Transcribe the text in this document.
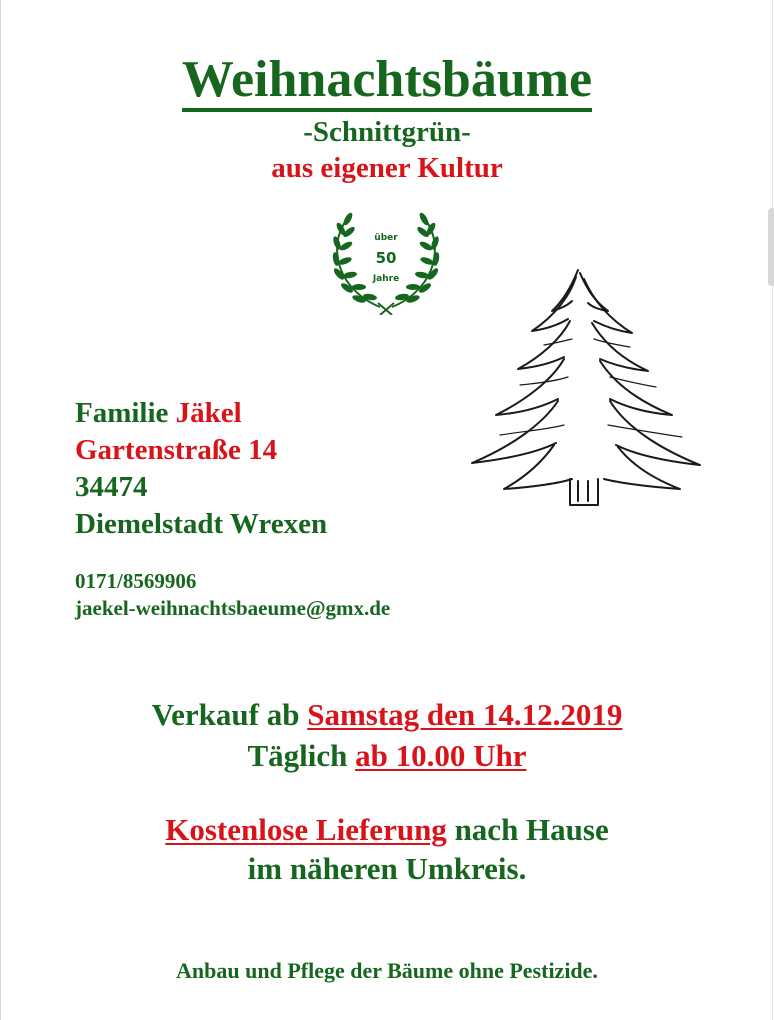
Weihnachtsbäume
-Schnittgrün-
aus eigener Kultur
über
50
Jahre
Familie Jäkel
Gartenstraße 14
34474
Diemelstadt Wrexen
0171/8569906
jaekel-weihnachtsbaeume@gmx.de
Verkauf ab Samstag den 14.12.2019
Täglich ab 10.00 Uhr
Kostenlose Lieferung nach Hause
im näheren Umkreis.
Anbau und Pflege der Bäume ohne Pestizide.
